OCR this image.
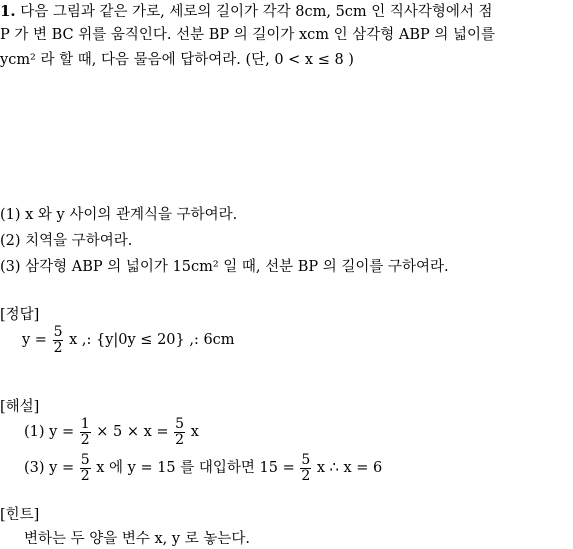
1. 다음 그림과 같은 가로, 세로의 길이가 각각 8cm, 5cm 인 직사각형에서 점
P 가 변 BC 위를 움직인다. 선분 BP 의 길이가 xcm 인 삼각형 ABP 의 넓이를
ycm² 라 할 때, 다음 물음에 답하여라. (단, 0 < x ≤ 8 )
(1) x 와 y 사이의 관계식을 구하여라.
(2) 치역을 구하여라.
(3) 삼각형 ABP 의 넓이가 15cm² 일 때, 선분 BP 의 길이를 구하여라.
[정답]
$y = \frac{5}{2}$ x ,: {y|0y ≤ 20} ,: 6cm
[해설]
(1) $y = \frac{1}{2} \times 5 \times x = \frac{5}{2}$ x
(3) $y = \frac{5}{2}$ x 에 y = 15 를 대입하면 $15 = \frac{5}{2}$ x ∴ x = 6
[힌트]
변하는 두 양을 변수 x, y 로 놓는다.
